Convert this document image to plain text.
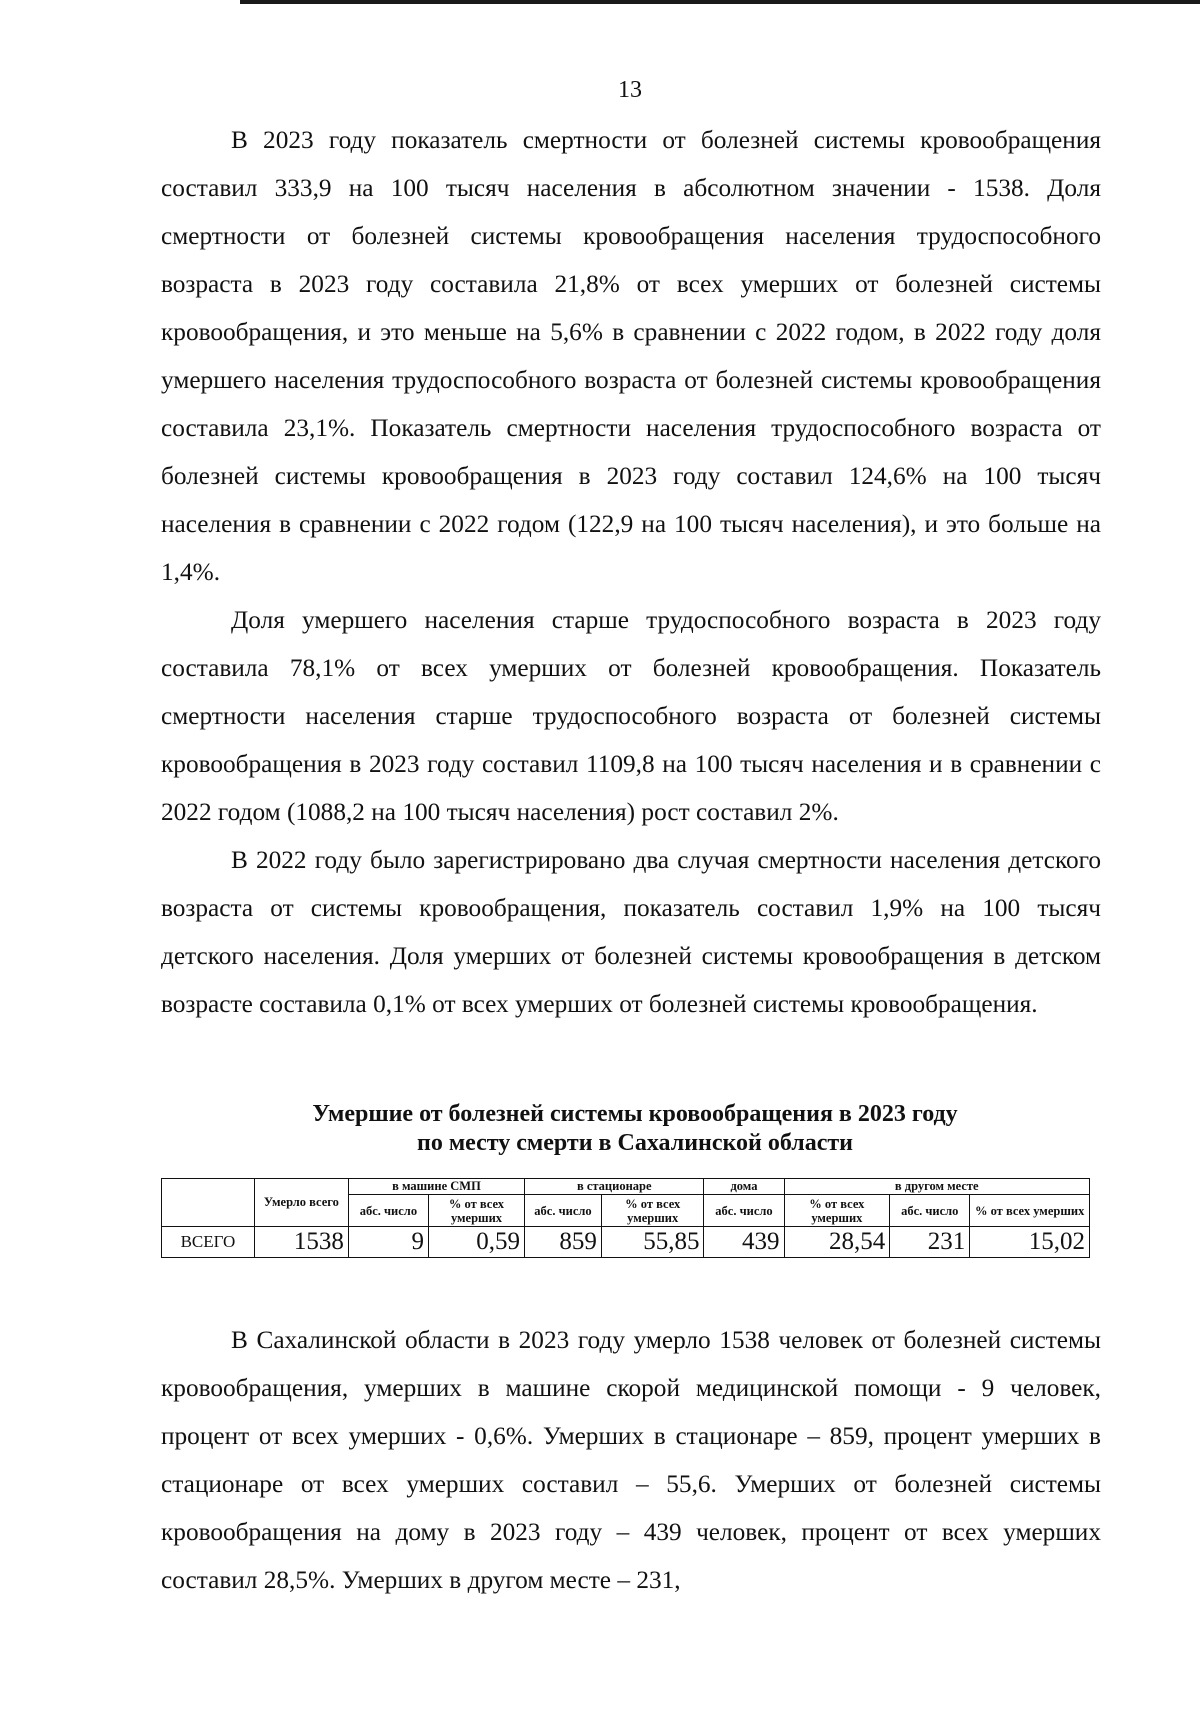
13

В 2023 году показатель смертности от болезней системы кровообращения составил 333,9 на 100 тысяч населения в абсолютном значении - 1538. Доля смертности от болезней системы кровообращения населения трудоспособного возраста в 2023 году составила 21,8% от всех умерших от болезней системы кровообращения, и это меньше на 5,6% в сравнении с 2022 годом, в 2022 году доля умершего населения трудоспособного возраста от болезней системы кровообращения составила 23,1%. Показатель смертности населения трудоспособного возраста от болезней системы кровообращения в 2023 году составил 124,6% на 100 тысяч населения в сравнении с 2022 годом (122,9 на 100 тысяч населения), и это больше на 1,4%.

Доля умершего населения старше трудоспособного возраста в 2023 году составила 78,1% от всех умерших от болезней кровообращения. Показатель смертности населения старше трудоспособного возраста от болезней системы кровообращения в 2023 году составил 1109,8 на 100 тысяч населения и в сравнении с 2022 годом (1088,2 на 100 тысяч населения) рост составил 2%.

В 2022 году было зарегистрировано два случая смертности населения детского возраста от системы кровообращения, показатель составил 1,9% на 100 тысяч детского населения. Доля умерших от болезней системы кровообращения в детском возрасте составила 0,1% от всех умерших от болезней системы кровообращения.

Умершие от болезней системы кровообращения в 2023 году
по месту смерти в Сахалинской области
	Умерло всего	в машине СМП		в стационаре		дома	в другом месте		
		абс. число	% от всех умерших	абс. число	% от всех умерших	абс. число	% от всех умерших	абс. число	% от всех умерших
ВСЕГО	1538	9	0,59	859	55,85	439	28,54	231	15,02

В Сахалинской области в 2023 году умерло 1538 человек от болезней системы кровообращения, умерших в машине скорой медицинской помощи - 9 человек, процент от всех умерших - 0,6%. Умерших в стационаре – 859, процент умерших в стационаре от всех умерших составил – 55,6. Умерших от болезней системы кровообращения на дому в 2023 году – 439 человек, процент от всех умерших составил 28,5%. Умерших в другом месте – 231,
